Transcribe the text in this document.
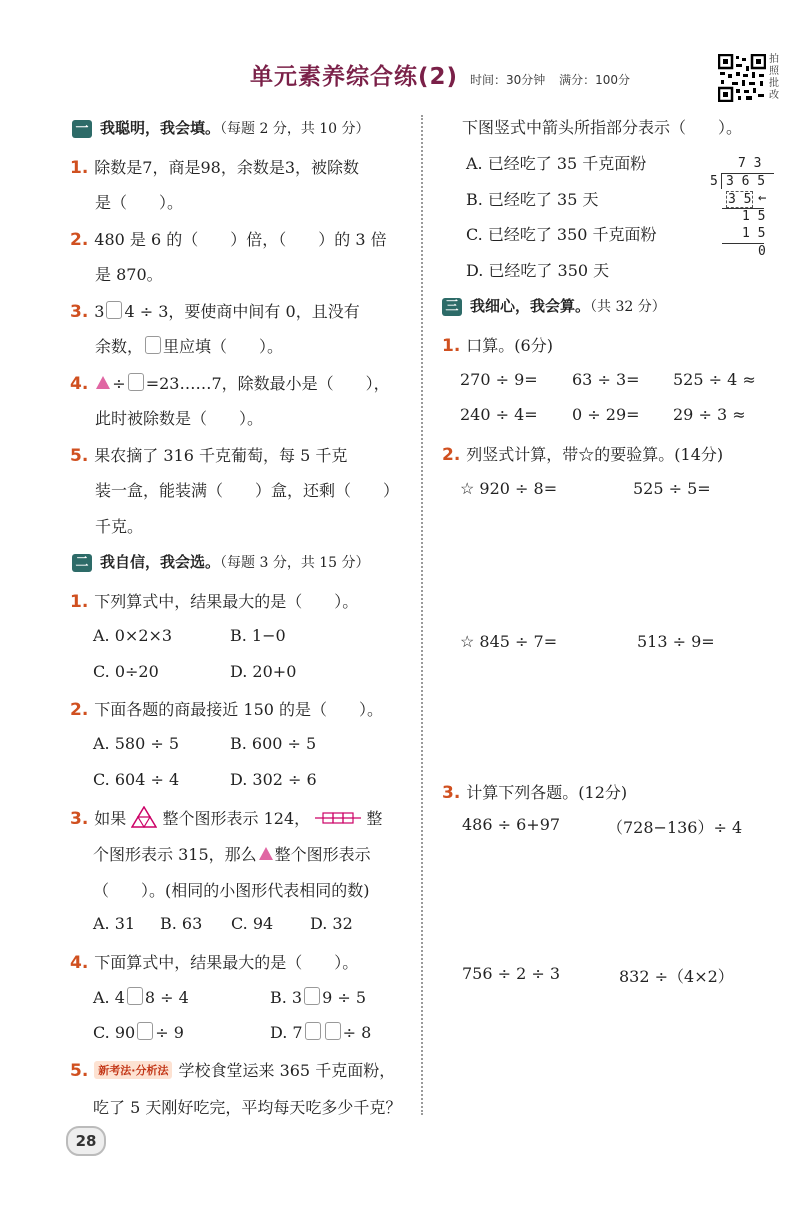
单元素养综合练(2) 时间：30分钟 满分：100分
拍照批改
一 我聪明，我会填。（每题 2 分，共 10 分）
1. 除数是7，商是98，余数是3，被除数
是（　　）。
2. 480 是 6 的（　　）倍，（　　）的 3 倍
是 870。
3. 3 4 ÷ 3，要使商中间有 0，且没有
余数， 里应填（　　）。
4. ÷ =23……7，除数最小是（　　），
此时被除数是（　　）。
5. 果农摘了 316 千克葡萄，每 5 千克
装一盒，能装满（　　）盒，还剩（　　）
千克。
二 我自信，我会选。（每题 3 分，共 15 分）
1. 下列算式中，结果最大的是（　　）。
A. 0×2×3	B. 1−0
C. 0÷20	D. 20+0
2. 下面各题的商最接近 150 的是（　　）。
A. 580 ÷ 5	B. 600 ÷ 5
C. 604 ÷ 4	D. 302 ÷ 6
3. 如果 整个图形表示 124，	整
个图形表示 315，那么 整个图形表示
（　　）。(相同的小图形代表相同的数)
A. 31 B. 63 C. 94 D. 32
4. 下面算式中，结果最大的是（　　）。
A. 4 8 ÷ 4	B. 3 9 ÷ 5
C. 90 ÷ 9	D. 7	÷ 8
5. 新考法·分析法 学校食堂运来 365 千克面粉，
吃了 5 天刚好吃完，平均每天吃多少千克？
28
下图竖式中箭头所指部分表示（　　）。
A. 已经吃了 35 千克面粉
B. 已经吃了 35 天
C. 已经吃了 350 千克面粉
D. 已经吃了 350 天
7 3
5 3 6 5
3 5 ←
1 5
1 5
0
三 我细心，我会算。（共 32 分）
1. 口算。(6分)
270 ÷ 9= 63 ÷ 3= 525 ÷ 4 ≈
240 ÷ 4= 0 ÷ 29= 29 ÷ 3 ≈
2. 列竖式计算，带☆的要验算。(14分)
☆ 920 ÷ 8=	525 ÷ 5=
☆ 845 ÷ 7=	513 ÷ 9=
3. 计算下列各题。(12分)
486 ÷ 6+97	（728−136）÷ 4
756 ÷ 2 ÷ 3	832 ÷（4×2）
